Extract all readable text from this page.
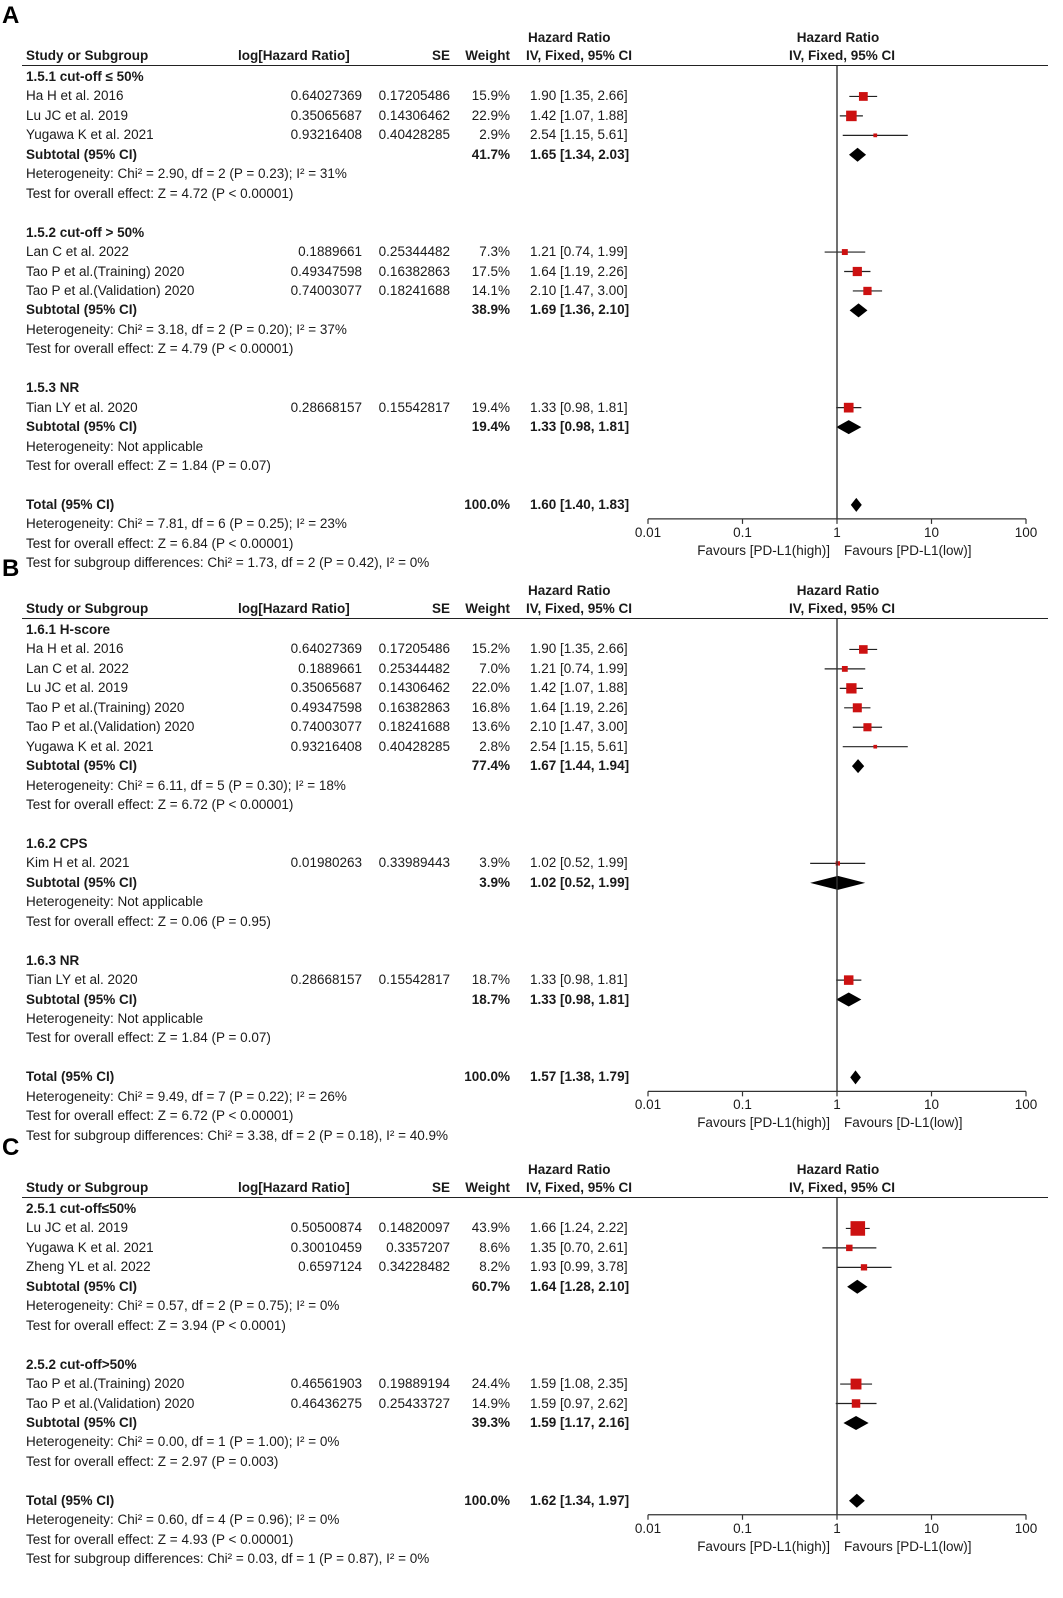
A
Hazard Ratio	Hazard Ratio
Study or Subgroup	log[Hazard Ratio]	SE Weight IV, Fixed, 95% CI	IV, Fixed, 95% CI
1.5.1 cut-off ≤ 50%
Ha H et al. 2016	0.64027369 0.17205486 15.9% 1.90 [1.35, 2.66]
Lu JC et al. 2019	0.35065687 0.14306462 22.9% 1.42 [1.07, 1.88]
Yugawa K et al. 2021	0.93216408 0.40428285 2.9% 2.54 [1.15, 5.61]
Subtotal (95% CI)	41.7% 1.65 [1.34, 2.03]
Heterogeneity: Chi² = 2.90, df = 2 (P = 0.23); I² = 31%
Test for overall effect: Z = 4.72 (P < 0.00001)
1.5.2 cut-off > 50%
Lan C et al. 2022	0.1889661 0.25344482 7.3% 1.21 [0.74, 1.99]
Tao P et al.(Training) 2020	0.49347598 0.16382863 17.5% 1.64 [1.19, 2.26]
Tao P et al.(Validation) 2020	0.74003077 0.18241688 14.1% 2.10 [1.47, 3.00]
Subtotal (95% CI)	38.9% 1.69 [1.36, 2.10]
Heterogeneity: Chi² = 3.18, df = 2 (P = 0.20); I² = 37%
Test for overall effect: Z = 4.79 (P < 0.00001)
1.5.3 NR
Tian LY et al. 2020	0.28668157 0.15542817 19.4% 1.33 [0.98, 1.81]
Subtotal (95% CI)	19.4% 1.33 [0.98, 1.81]
Heterogeneity: Not applicable
Test for overall effect: Z = 1.84 (P = 0.07)
Total (95% CI)	100.0% 1.60 [1.40, 1.83]
Heterogeneity: Chi² = 7.81, df = 6 (P = 0.25); I² = 23%
Test for overall effect: Z = 6.84 (P < 0.00001)
Test for subgroup differences: Chi² = 1.73, df = 2 (P = 0.42), I² = 0%
0.01	0.1	1	10	100
Favours [PD-L1(high)] Favours [PD-L1(low)]
B
Hazard Ratio	Hazard Ratio
Study or Subgroup	log[Hazard Ratio]	SE Weight IV, Fixed, 95% CI	IV, Fixed, 95% CI
1.6.1 H-score
Ha H et al. 2016	0.64027369 0.17205486 15.2% 1.90 [1.35, 2.66]
Lan C et al. 2022	0.1889661 0.25344482 7.0% 1.21 [0.74, 1.99]
Lu JC et al. 2019	0.35065687 0.14306462 22.0% 1.42 [1.07, 1.88]
Tao P et al.(Training) 2020	0.49347598 0.16382863 16.8% 1.64 [1.19, 2.26]
Tao P et al.(Validation) 2020	0.74003077 0.18241688 13.6% 2.10 [1.47, 3.00]
Yugawa K et al. 2021	0.93216408 0.40428285 2.8% 2.54 [1.15, 5.61]
Subtotal (95% CI)	77.4% 1.67 [1.44, 1.94]
Heterogeneity: Chi² = 6.11, df = 5 (P = 0.30); I² = 18%
Test for overall effect: Z = 6.72 (P < 0.00001)
1.6.2 CPS
Kim H et al. 2021	0.01980263 0.33989443 3.9% 1.02 [0.52, 1.99]
Subtotal (95% CI)	3.9% 1.02 [0.52, 1.99]
Heterogeneity: Not applicable
Test for overall effect: Z = 0.06 (P = 0.95)
1.6.3 NR
Tian LY et al. 2020	0.28668157 0.15542817 18.7% 1.33 [0.98, 1.81]
Subtotal (95% CI)	18.7% 1.33 [0.98, 1.81]
Heterogeneity: Not applicable
Test for overall effect: Z = 1.84 (P = 0.07)
Total (95% CI)	100.0% 1.57 [1.38, 1.79]
Heterogeneity: Chi² = 9.49, df = 7 (P = 0.22); I² = 26%
Test for overall effect: Z = 6.72 (P < 0.00001)
Test for subgroup differences: Chi² = 3.38, df = 2 (P = 0.18), I² = 40.9%
0.01	0.1	1	10	100
Favours [PD-L1(high)] Favours [D-L1(low)]
C
Hazard Ratio	Hazard Ratio
Study or Subgroup	log[Hazard Ratio]	SE Weight IV, Fixed, 95% CI	IV, Fixed, 95% CI
2.5.1 cut-off≤50%
Lu JC et al. 2019	0.50500874 0.14820097 43.9% 1.66 [1.24, 2.22]
Yugawa K et al. 2021	0.30010459 0.3357207 8.6% 1.35 [0.70, 2.61]
Zheng YL et al. 2022	0.6597124 0.34228482 8.2% 1.93 [0.99, 3.78]
Subtotal (95% CI)	60.7% 1.64 [1.28, 2.10]
Heterogeneity: Chi² = 0.57, df = 2 (P = 0.75); I² = 0%
Test for overall effect: Z = 3.94 (P < 0.0001)
2.5.2 cut-off>50%
Tao P et al.(Training) 2020	0.46561903 0.19889194 24.4% 1.59 [1.08, 2.35]
Tao P et al.(Validation) 2020	0.46436275 0.25433727 14.9% 1.59 [0.97, 2.62]
Subtotal (95% CI)	39.3% 1.59 [1.17, 2.16]
Heterogeneity: Chi² = 0.00, df = 1 (P = 1.00); I² = 0%
Test for overall effect: Z = 2.97 (P = 0.003)
Total (95% CI)	100.0% 1.62 [1.34, 1.97]
Heterogeneity: Chi² = 0.60, df = 4 (P = 0.96); I² = 0%
Test for overall effect: Z = 4.93 (P < 0.00001)
Test for subgroup differences: Chi² = 0.03, df = 1 (P = 0.87), I² = 0%
0.01	0.1	1	10	100
Favours [PD-L1(high)] Favours [PD-L1(low)]
